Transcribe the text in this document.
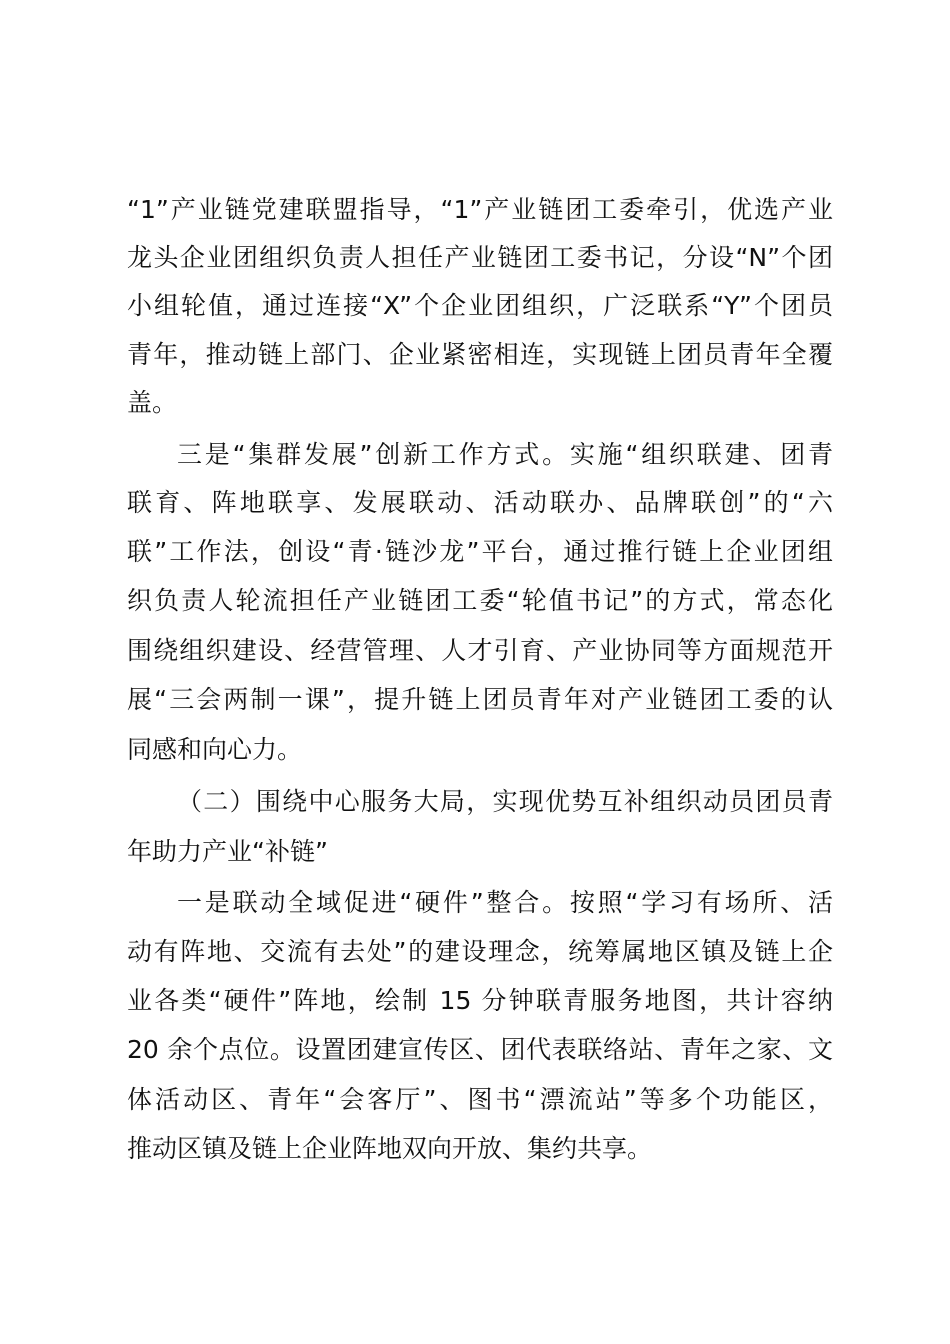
“1”产业链党建联盟指导，“1”产业链团工委牵引，优选产业
龙头企业团组织负责人担任产业链团工委书记，分设“N”个团
小组轮值，通过连接“X”个企业团组织，广泛联系“Y”个团员
青年，推动链上部门、企业紧密相连，实现链上团员青年全覆
盖。
三是“集群发展”创新工作方式。实施“组织联建、团青
联育、阵地联享、发展联动、活动联办、品牌联创”的“六
联”工作法，创设“青·链沙龙”平台，通过推行链上企业团组
织负责人轮流担任产业链团工委“轮值书记”的方式，常态化
围绕组织建设、经营管理、人才引育、产业协同等方面规范开
展“三会两制一课”，提升链上团员青年对产业链团工委的认
同感和向心力。
（二）围绕中心服务大局，实现优势互补组织动员团员青
年助力产业“补链”
一是联动全域促进“硬件”整合。按照“学习有场所、活
动有阵地、交流有去处”的建设理念，统筹属地区镇及链上企
业各类“硬件”阵地，绘制 15 分钟联青服务地图，共计容纳
20 余个点位。设置团建宣传区、团代表联络站、青年之家、文
体活动区、青年“会客厅”、图书“漂流站”等多个功能区，
推动区镇及链上企业阵地双向开放、集约共享。
